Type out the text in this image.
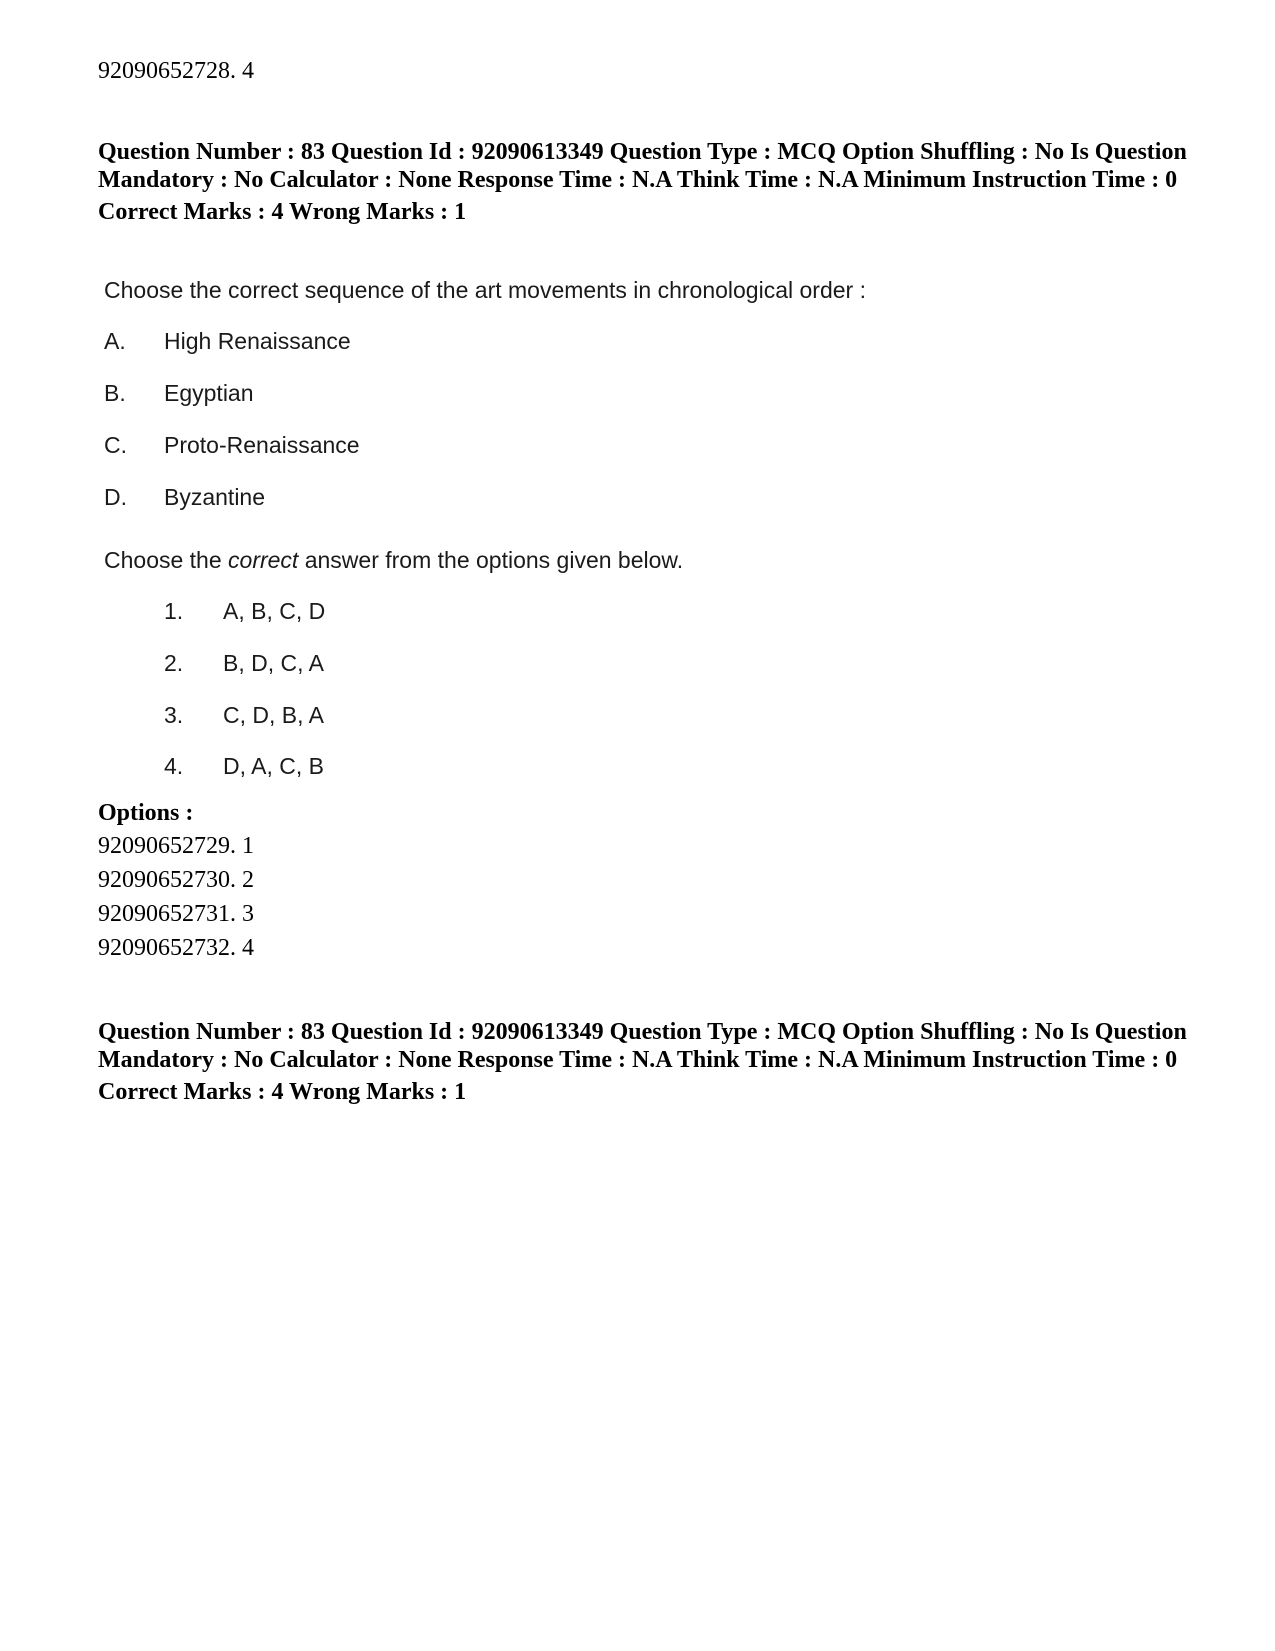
92090652728. 4
Question Number : 83 Question Id : 92090613349 Question Type : MCQ Option Shuffling : No Is Question Mandatory : No Calculator : None Response Time : N.A Think Time : N.A Minimum Instruction Time : 0
Correct Marks : 4 Wrong Marks : 1
Choose the correct sequence of the art movements in chronological order :
A. High Renaissance
B. Egyptian
C. Proto-Renaissance
D. Byzantine
Choose the correct answer from the options given below.
1. A, B, C, D
2. B, D, C, A
3. C, D, B, A
4. D, A, C, B
Options :
92090652729. 1
92090652730. 2
92090652731. 3
92090652732. 4
Question Number : 83 Question Id : 92090613349 Question Type : MCQ Option Shuffling : No Is Question Mandatory : No Calculator : None Response Time : N.A Think Time : N.A Minimum Instruction Time : 0
Correct Marks : 4 Wrong Marks : 1
